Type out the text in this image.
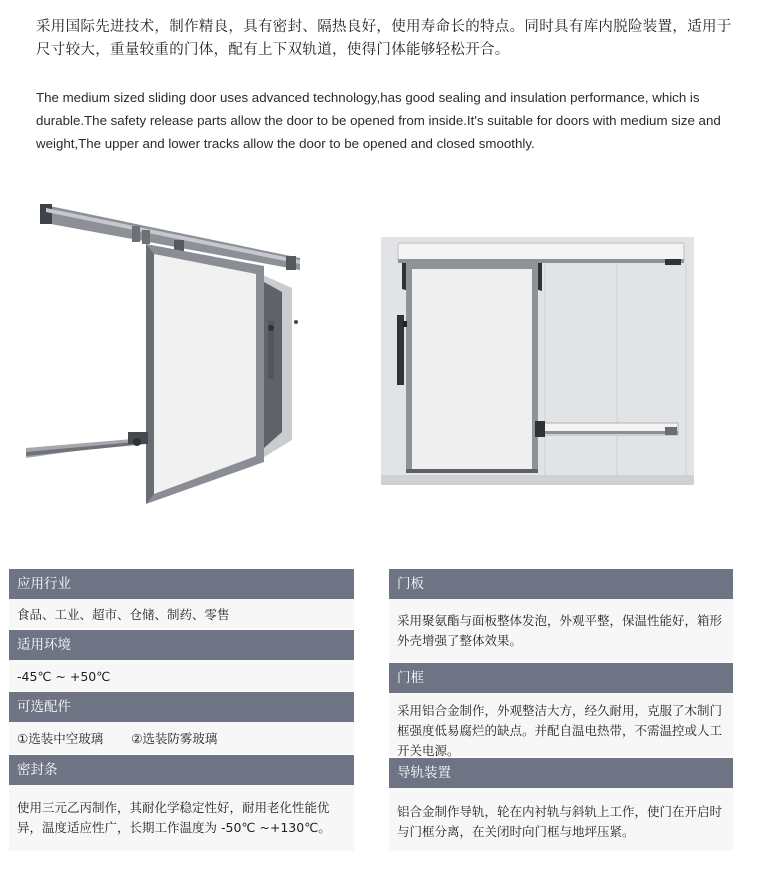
采用国际先进技术，制作精良，具有密封、隔热良好，使用寿命长的特点。同时具有库内脱险装置，适用于尺寸较大，重量较重的门体，配有上下双轨道，使得门体能够轻松开合。

The medium sized sliding door uses advanced technology,has good sealing and insulation performance, which is durable.The safety release parts allow the door to be opened from inside.It's suitable for doors with medium size and weight,The upper and lower tracks allow the door to be opened and closed smoothly.

应用行业
食品、工业、超市、仓储、制药、零售
适用环境
-45℃ ~ +50℃
可选配件
①选装中空玻璃 ②选装防雾玻璃
密封条
使用三元乙丙制作，其耐化学稳定性好，耐用老化性能优异，温度适应性广，长期工作温度为 -50℃ ~+130℃。
门板
采用聚氨酯与面板整体发泡，外观平整，保温性能好，箱形外壳增强了整体效果。
门框
采用铝合金制作，外观整洁大方，经久耐用，克服了木制门框强度低易腐烂的缺点。并配自温电热带，不需温控或人工开关电源。
导轨装置
铝合金制作导轨，轮在内衬轨与斜轨上工作，使门在开启时与门框分离，在关闭时向门框与地坪压紧。
